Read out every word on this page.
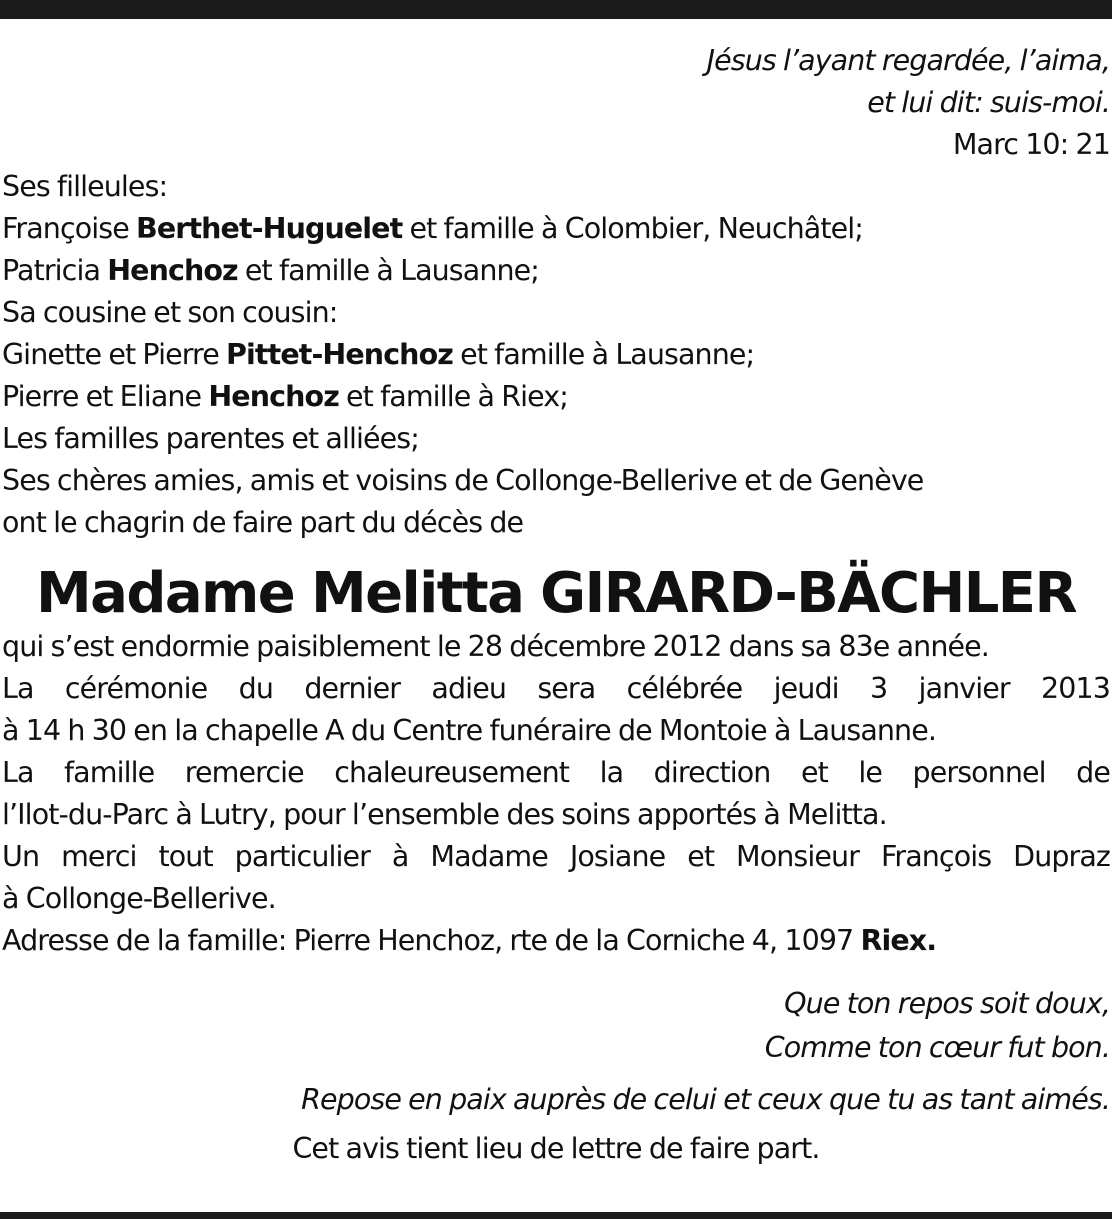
Jésus l’ayant regardée, l’aima,
et lui dit: suis-moi.
Marc 10: 21
Ses filleules:
Françoise Berthet-Huguelet et famille à Colombier, Neuchâtel;
Patricia Henchoz et famille à Lausanne;
Sa cousine et son cousin:
Ginette et Pierre Pittet-Henchoz et famille à Lausanne;
Pierre et Eliane Henchoz et famille à Riex;
Les familles parentes et alliées;
Ses chères amies, amis et voisins de Collonge-Bellerive et de Genève
ont le chagrin de faire part du décès de
Madame Melitta GIRARD-BÄCHLER
qui s’est endormie paisiblement le 28 décembre 2012 dans sa 83e année.
La cérémonie du dernier adieu sera célébrée jeudi 3 janvier 2013
à 14 h 30 en la chapelle A du Centre funéraire de Montoie à Lausanne.
La famille remercie chaleureusement la direction et le personnel de
l’Ilot-du-Parc à Lutry, pour l’ensemble des soins apportés à Melitta.
Un merci tout particulier à Madame Josiane et Monsieur François Dupraz
à Collonge-Bellerive.
Adresse de la famille: Pierre Henchoz, rte de la Corniche 4, 1097 Riex.
Que ton repos soit doux,
Comme ton cœur fut bon.
Repose en paix auprès de celui et ceux que tu as tant aimés.
Cet avis tient lieu de lettre de faire part.
